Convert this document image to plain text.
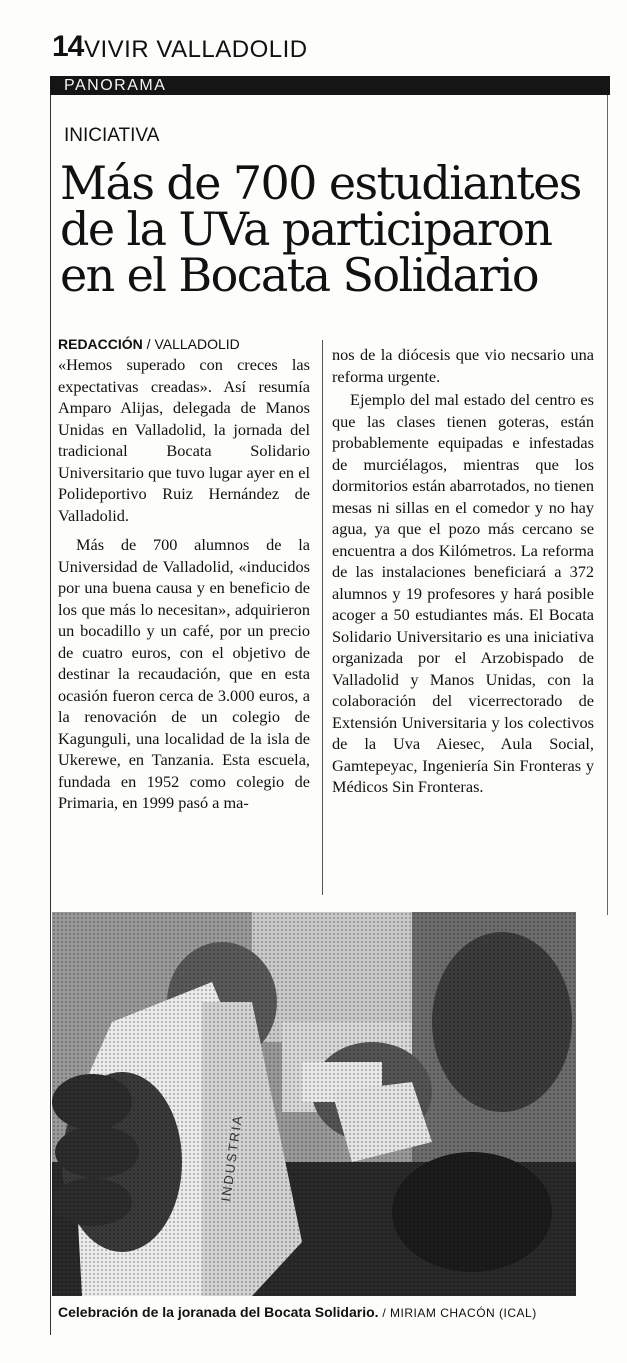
14 VIVIR VALLADOLID
PANORAMA
INICIATIVA
Más de 700 estudiantes
de la UVa participaron
en el Bocata Solidario
REDACCIÓN / VALLADOLID

«Hemos superado con creces las expectativas creadas». Así resumía Amparo Alijas, delegada de Manos Unidas en Valladolid, la jornada del tradicional Bocata Solidario Universitario que tuvo lugar ayer en el Polideportivo Ruiz Hernández de Valladolid.

Más de 700 alumnos de la Universidad de Valladolid, «inducidos por una buena causa y en beneficio de los que más lo necesitan», adquirieron un bocadillo y un café, por un precio de cuatro euros, con el objetivo de destinar la recaudación, que en esta ocasión fueron cerca de 3.000 euros, a la renovación de un colegio de Kagunguli, una localidad de la isla de Ukerewe, en Tanzania. Esta escuela, fundada en 1952 como colegio de Primaria, en 1999 pasó a ma-

nos de la diócesis que vio necsario una reforma urgente.

Ejemplo del mal estado del centro es que las clases tienen goteras, están probablemente equipadas e infestadas de murciélagos, mientras que los dormitorios están abarrotados, no tienen mesas ni sillas en el comedor y no hay agua, ya que el pozo más cercano se encuentra a dos Kilómetros. La reforma de las instalaciones beneficiará a 372 alumnos y 19 profesores y hará posible acoger a 50 estudiantes más. El Bocata Solidario Universitario es una iniciativa organizada por el Arzobispado de Valladolid y Manos Unidas, con la colaboración del vicerrectorado de Extensión Universitaria y los colectivos de la Uva Aiesec, Aula Social, Gamtepeyac, Ingeniería Sin Fronteras y Médicos Sin Fronteras.

INDUSTRIA
Celebración de la joranada del Bocata Solidario. / MIRIAM CHACÓN (ICAL)
